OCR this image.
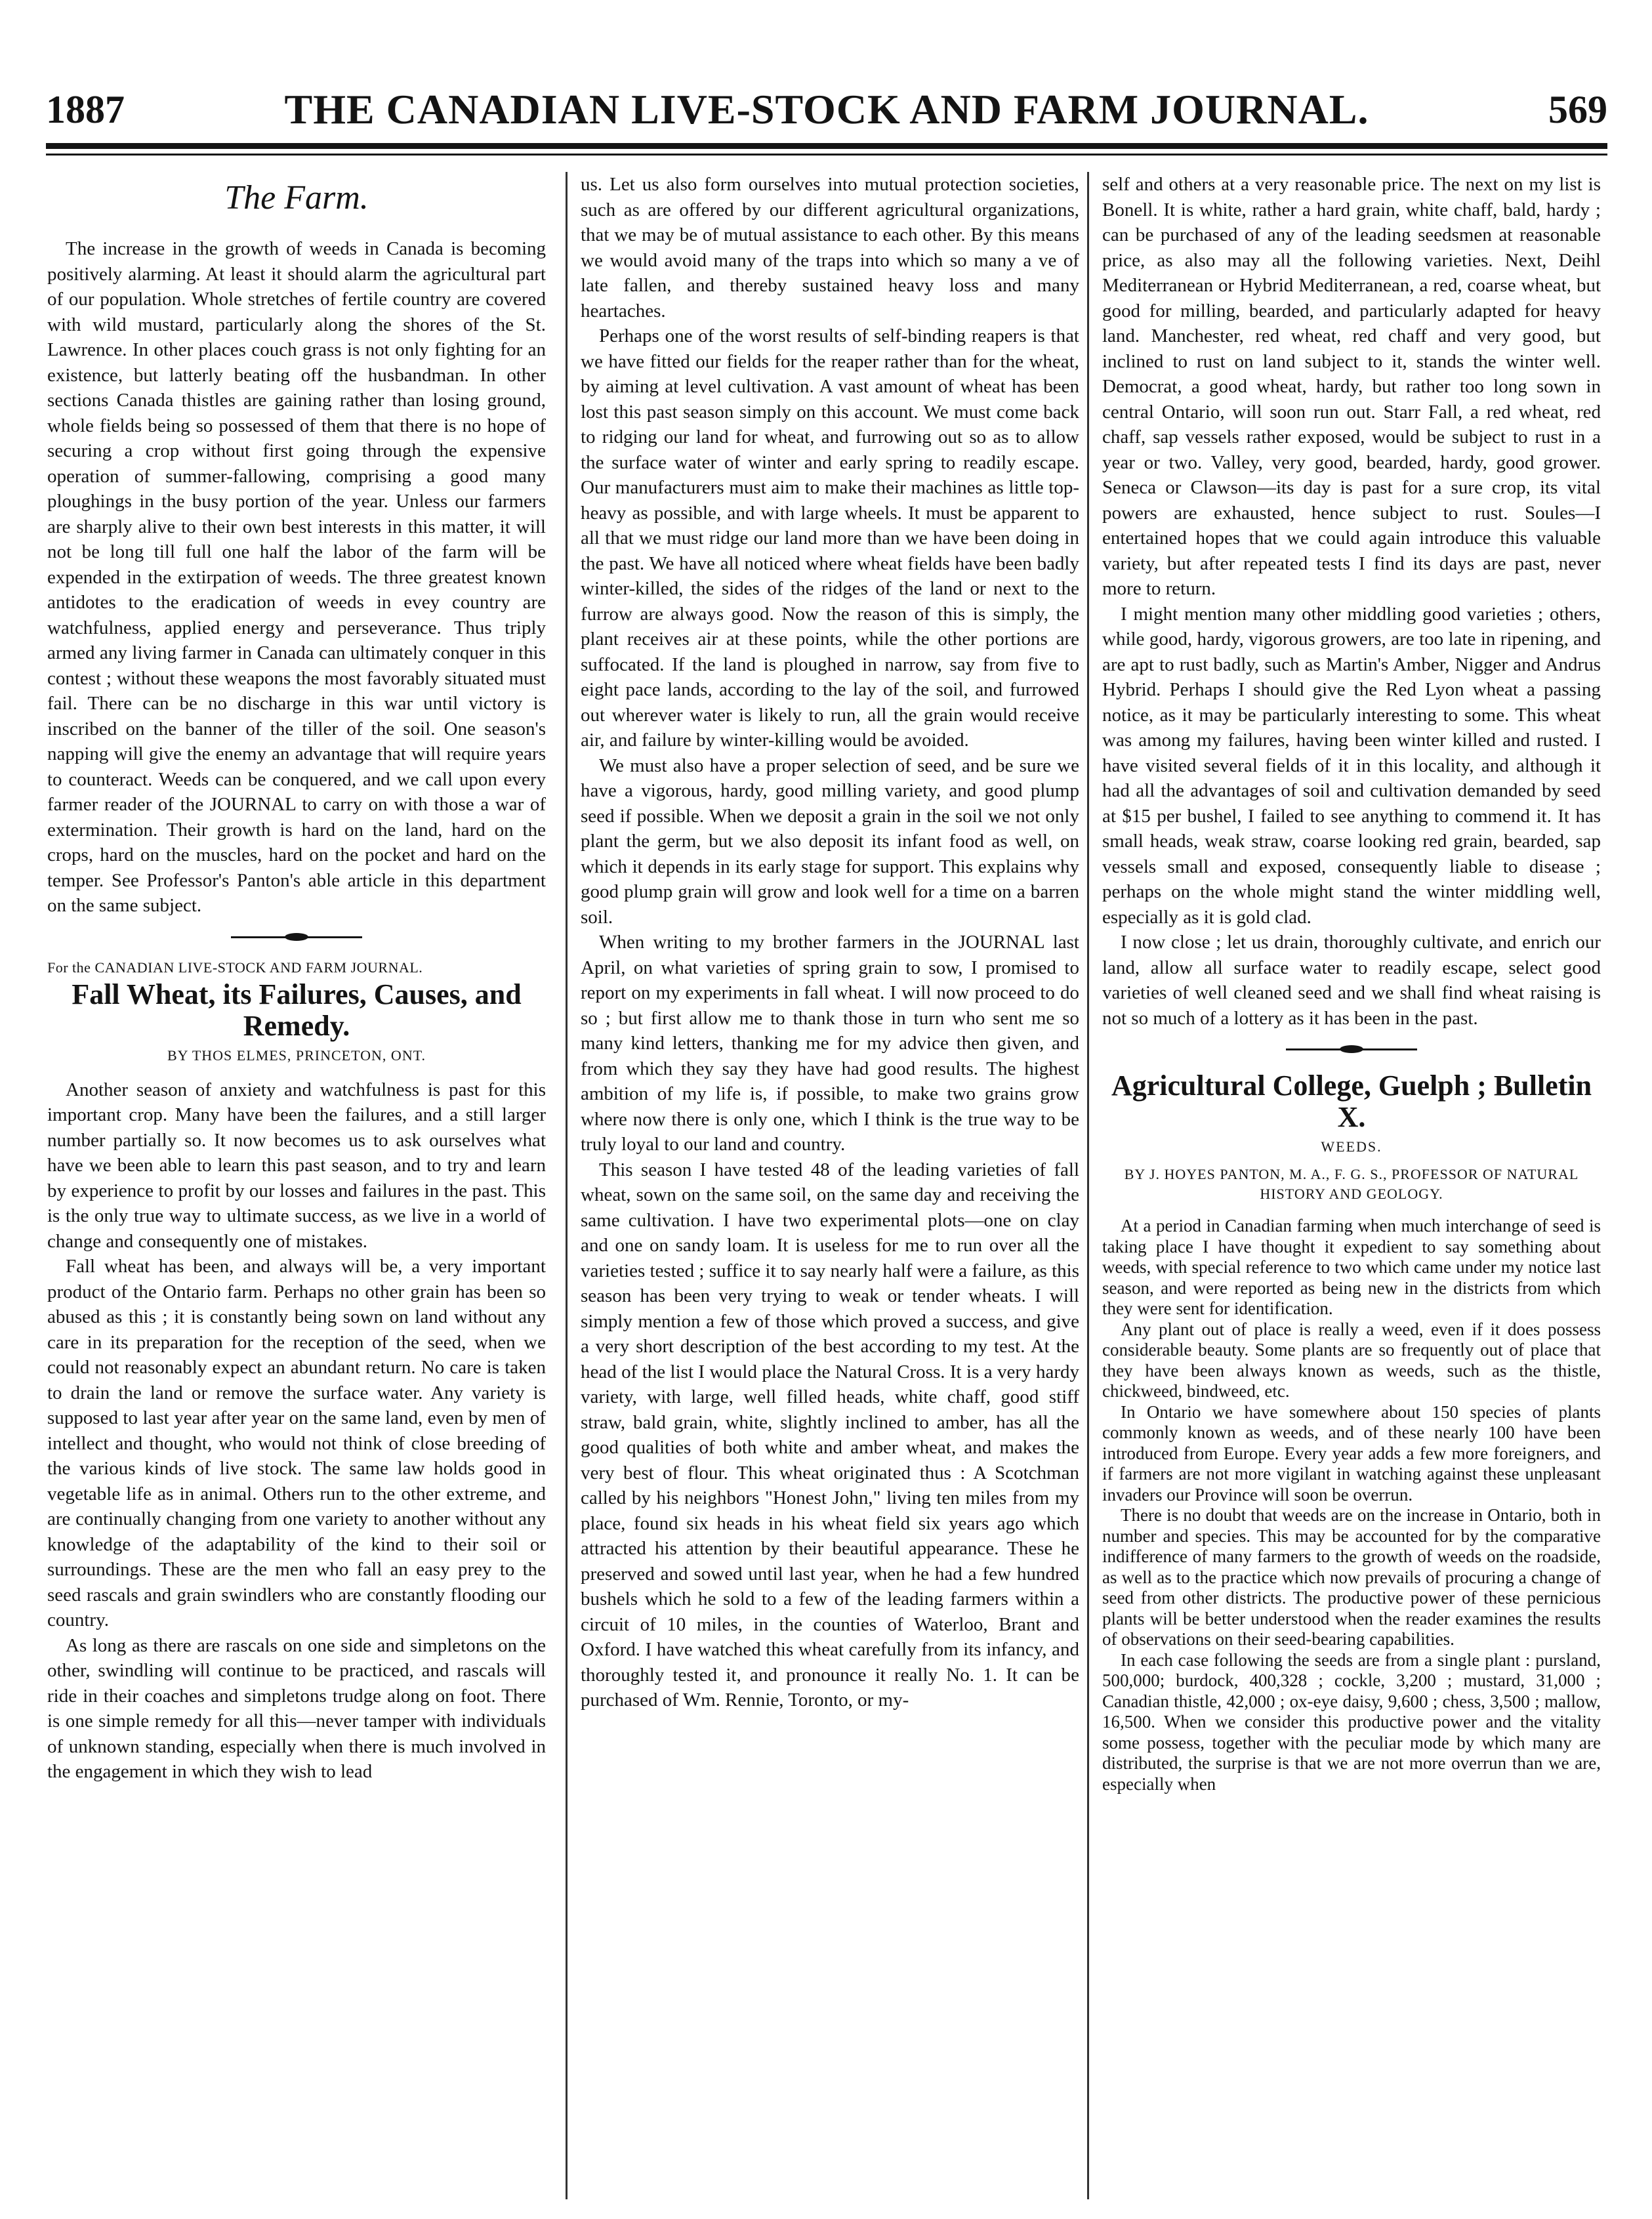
1887	THE CANADIAN LIVE-STOCK AND FARM JOURNAL.	569
The Farm.

The increase in the growth of weeds in Canada is becoming positively alarming. At least it should alarm the agricultural part of our population. Whole stretches of fertile country are covered with wild mustard, particularly along the shores of the St. Lawrence. In other places couch grass is not only fighting for an existence, but latterly beating off the husbandman. In other sections Canada thistles are gaining rather than losing ground, whole fields being so possessed of them that there is no hope of securing a crop without first going through the expensive operation of summer-fallowing, comprising a good many ploughings in the busy portion of the year. Unless our farmers are sharply alive to their own best interests in this matter, it will not be long till full one half the labor of the farm will be expended in the extirpation of weeds. The three greatest known antidotes to the eradication of weeds in evey country are watchfulness, applied energy and perseverance. Thus triply armed any living farmer in Canada can ultimately conquer in this contest ; without these weapons the most favorably situated must fail. There can be no discharge in this war until victory is inscribed on the banner of the tiller of the soil. One season's napping will give the enemy an advantage that will require years to counteract. Weeds can be conquered, and we call upon every farmer reader of the JOURNAL to carry on with those a war of extermination. Their growth is hard on the land, hard on the crops, hard on the muscles, hard on the pocket and hard on the temper. See Professor's Panton's able article in this department on the same subject.

For the CANADIAN LIVE-STOCK AND FARM JOURNAL.
Fall Wheat, its Failures, Causes, and Remedy.
BY THOS ELMES, PRINCETON, ONT.

Another season of anxiety and watchfulness is past for this important crop. Many have been the failures, and a still larger number partially so. It now becomes us to ask ourselves what have we been able to learn this past season, and to try and learn by experience to profit by our losses and failures in the past. This is the only true way to ultimate success, as we live in a world of change and consequently one of mistakes.

Fall wheat has been, and always will be, a very important product of the Ontario farm. Perhaps no other grain has been so abused as this ; it is constantly being sown on land without any care in its preparation for the reception of the seed, when we could not reasonably expect an abundant return. No care is taken to drain the land or remove the surface water. Any variety is supposed to last year after year on the same land, even by men of intellect and thought, who would not think of close breeding of the various kinds of live stock. The same law holds good in vegetable life as in animal. Others run to the other extreme, and are continually changing from one variety to another without any knowledge of the adaptability of the kind to their soil or surroundings. These are the men who fall an easy prey to the seed rascals and grain swindlers who are constantly flooding our country.

As long as there are rascals on one side and simpletons on the other, swindling will continue to be practiced, and rascals will ride in their coaches and simpletons trudge along on foot. There is one simple remedy for all this—never tamper with individuals of unknown standing, especially when there is much involved in the engagement in which they wish to lead

us. Let us also form ourselves into mutual protection societies, such as are offered by our different agricultural organizations, that we may be of mutual assistance to each other. By this means we would avoid many of the traps into which so many a ve of late fallen, and thereby sustained heavy loss and many heartaches.

Perhaps one of the worst results of self-binding reapers is that we have fitted our fields for the reaper rather than for the wheat, by aiming at level cultivation. A vast amount of wheat has been lost this past season simply on this account. We must come back to ridging our land for wheat, and furrowing out so as to allow the surface water of winter and early spring to readily escape. Our manufacturers must aim to make their machines as little top-heavy as possible, and with large wheels. It must be apparent to all that we must ridge our land more than we have been doing in the past. We have all noticed where wheat fields have been badly winter-killed, the sides of the ridges of the land or next to the furrow are always good. Now the reason of this is simply, the plant receives air at these points, while the other portions are suffocated. If the land is ploughed in narrow, say from five to eight pace lands, according to the lay of the soil, and furrowed out wherever water is likely to run, all the grain would receive air, and failure by winter-killing would be avoided.

We must also have a proper selection of seed, and be sure we have a vigorous, hardy, good milling variety, and good plump seed if possible. When we deposit a grain in the soil we not only plant the germ, but we also deposit its infant food as well, on which it depends in its early stage for support. This explains why good plump grain will grow and look well for a time on a barren soil.

When writing to my brother farmers in the JOURNAL last April, on what varieties of spring grain to sow, I promised to report on my experiments in fall wheat. I will now proceed to do so ; but first allow me to thank those in turn who sent me so many kind letters, thanking me for my advice then given, and from which they say they have had good results. The highest ambition of my life is, if possible, to make two grains grow where now there is only one, which I think is the true way to be truly loyal to our land and country.

This season I have tested 48 of the leading varieties of fall wheat, sown on the same soil, on the same day and receiving the same cultivation. I have two experimental plots—one on clay and one on sandy loam. It is useless for me to run over all the varieties tested ; suffice it to say nearly half were a failure, as this season has been very trying to weak or tender wheats. I will simply mention a few of those which proved a success, and give a very short description of the best according to my test. At the head of the list I would place the Natural Cross. It is a very hardy variety, with large, well filled heads, white chaff, good stiff straw, bald grain, white, slightly inclined to amber, has all the good qualities of both white and amber wheat, and makes the very best of flour. This wheat originated thus : A Scotchman called by his neighbors "Honest John," living ten miles from my place, found six heads in his wheat field six years ago which attracted his attention by their beautiful appearance. These he preserved and sowed until last year, when he had a few hundred bushels which he sold to a few of the leading farmers within a circuit of 10 miles, in the counties of Waterloo, Brant and Oxford. I have watched this wheat carefully from its infancy, and thoroughly tested it, and pronounce it really No. 1. It can be purchased of Wm. Rennie, Toronto, or my-

self and others at a very reasonable price. The next on my list is Bonell. It is white, rather a hard grain, white chaff, bald, hardy ; can be purchased of any of the leading seedsmen at reasonable price, as also may all the following varieties. Next, Deihl Mediterranean or Hybrid Mediterranean, a red, coarse wheat, but good for milling, bearded, and particularly adapted for heavy land. Manchester, red wheat, red chaff and very good, but inclined to rust on land subject to it, stands the winter well. Democrat, a good wheat, hardy, but rather too long sown in central Ontario, will soon run out. Starr Fall, a red wheat, red chaff, sap vessels rather exposed, would be subject to rust in a year or two. Valley, very good, bearded, hardy, good grower. Seneca or Clawson—its day is past for a sure crop, its vital powers are exhausted, hence subject to rust. Soules—I entertained hopes that we could again introduce this valuable variety, but after repeated tests I find its days are past, never more to return.

I might mention many other middling good varieties ; others, while good, hardy, vigorous growers, are too late in ripening, and are apt to rust badly, such as Martin's Amber, Nigger and Andrus Hybrid. Perhaps I should give the Red Lyon wheat a passing notice, as it may be particularly interesting to some. This wheat was among my failures, having been winter killed and rusted. I have visited several fields of it in this locality, and although it had all the advantages of soil and cultivation demanded by seed at $15 per bushel, I failed to see anything to commend it. It has small heads, weak straw, coarse looking red grain, bearded, sap vessels small and exposed, consequently liable to disease ; perhaps on the whole might stand the winter middling well, especially as it is gold clad.

I now close ; let us drain, thoroughly cultivate, and enrich our land, allow all surface water to readily escape, select good varieties of well cleaned seed and we shall find wheat raising is not so much of a lottery as it has been in the past.

Agricultural College, Guelph ; Bulletin X.
WEEDS.
BY J. HOYES PANTON, M. A., F. G. S., PROFESSOR OF NATURAL HISTORY AND GEOLOGY.

At a period in Canadian farming when much interchange of seed is taking place I have thought it expedient to say something about weeds, with special reference to two which came under my notice last season, and were reported as being new in the districts from which they were sent for identification.

Any plant out of place is really a weed, even if it does possess considerable beauty. Some plants are so frequently out of place that they have been always known as weeds, such as the thistle, chickweed, bindweed, etc.

In Ontario we have somewhere about 150 species of plants commonly known as weeds, and of these nearly 100 have been introduced from Europe. Every year adds a few more foreigners, and if farmers are not more vigilant in watching against these unpleasant invaders our Province will soon be overrun.

There is no doubt that weeds are on the increase in Ontario, both in number and species. This may be accounted for by the comparative indifference of many farmers to the growth of weeds on the roadside, as well as to the practice which now prevails of procuring a change of seed from other districts. The productive power of these pernicious plants will be better understood when the reader examines the results of observations on their seed-bearing capabilities.

In each case following the seeds are from a single plant : pursland, 500,000; burdock, 400,328 ; cockle, 3,200 ; mustard, 31,000 ; Canadian thistle, 42,000 ; ox-eye daisy, 9,600 ; chess, 3,500 ; mallow, 16,500. When we consider this productive power and the vitality some possess, together with the peculiar mode by which many are distributed, the surprise is that we are not more overrun than we are, especially when
